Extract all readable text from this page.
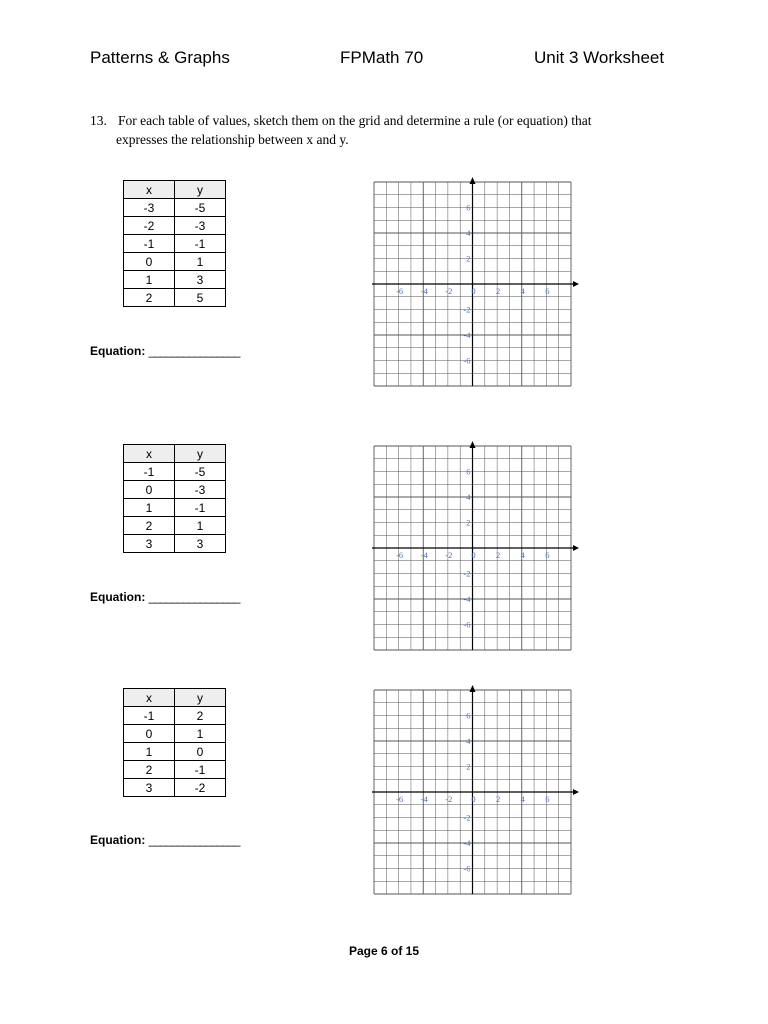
Patterns & Graphs	FPMath 70	Unit 3 Worksheet
13. For each table of values, sketch them on the grid and determine a rule (or equation) that
expresses the relationship between x and y.
x	y
-3	-5
-2	-3
-1	-1
0	1
1	3
2	5
Equation: ________________
-6 -4 -2 0 2 4 6
6
4
2
-2
-4
-6
x	y
-1	-5
0	-3
1	-1
2	1
3	3
Equation: ________________
-6 -4 -2 0 2 4 6
6
4
2
-2
-4
-6
x	y
-1	2
0	1
1	0
2	-1
3	-2
Equation: ________________
-6 -4 -2 0 2 4 6
6
4
2
-2
-4
-6
Page 6 of 15
